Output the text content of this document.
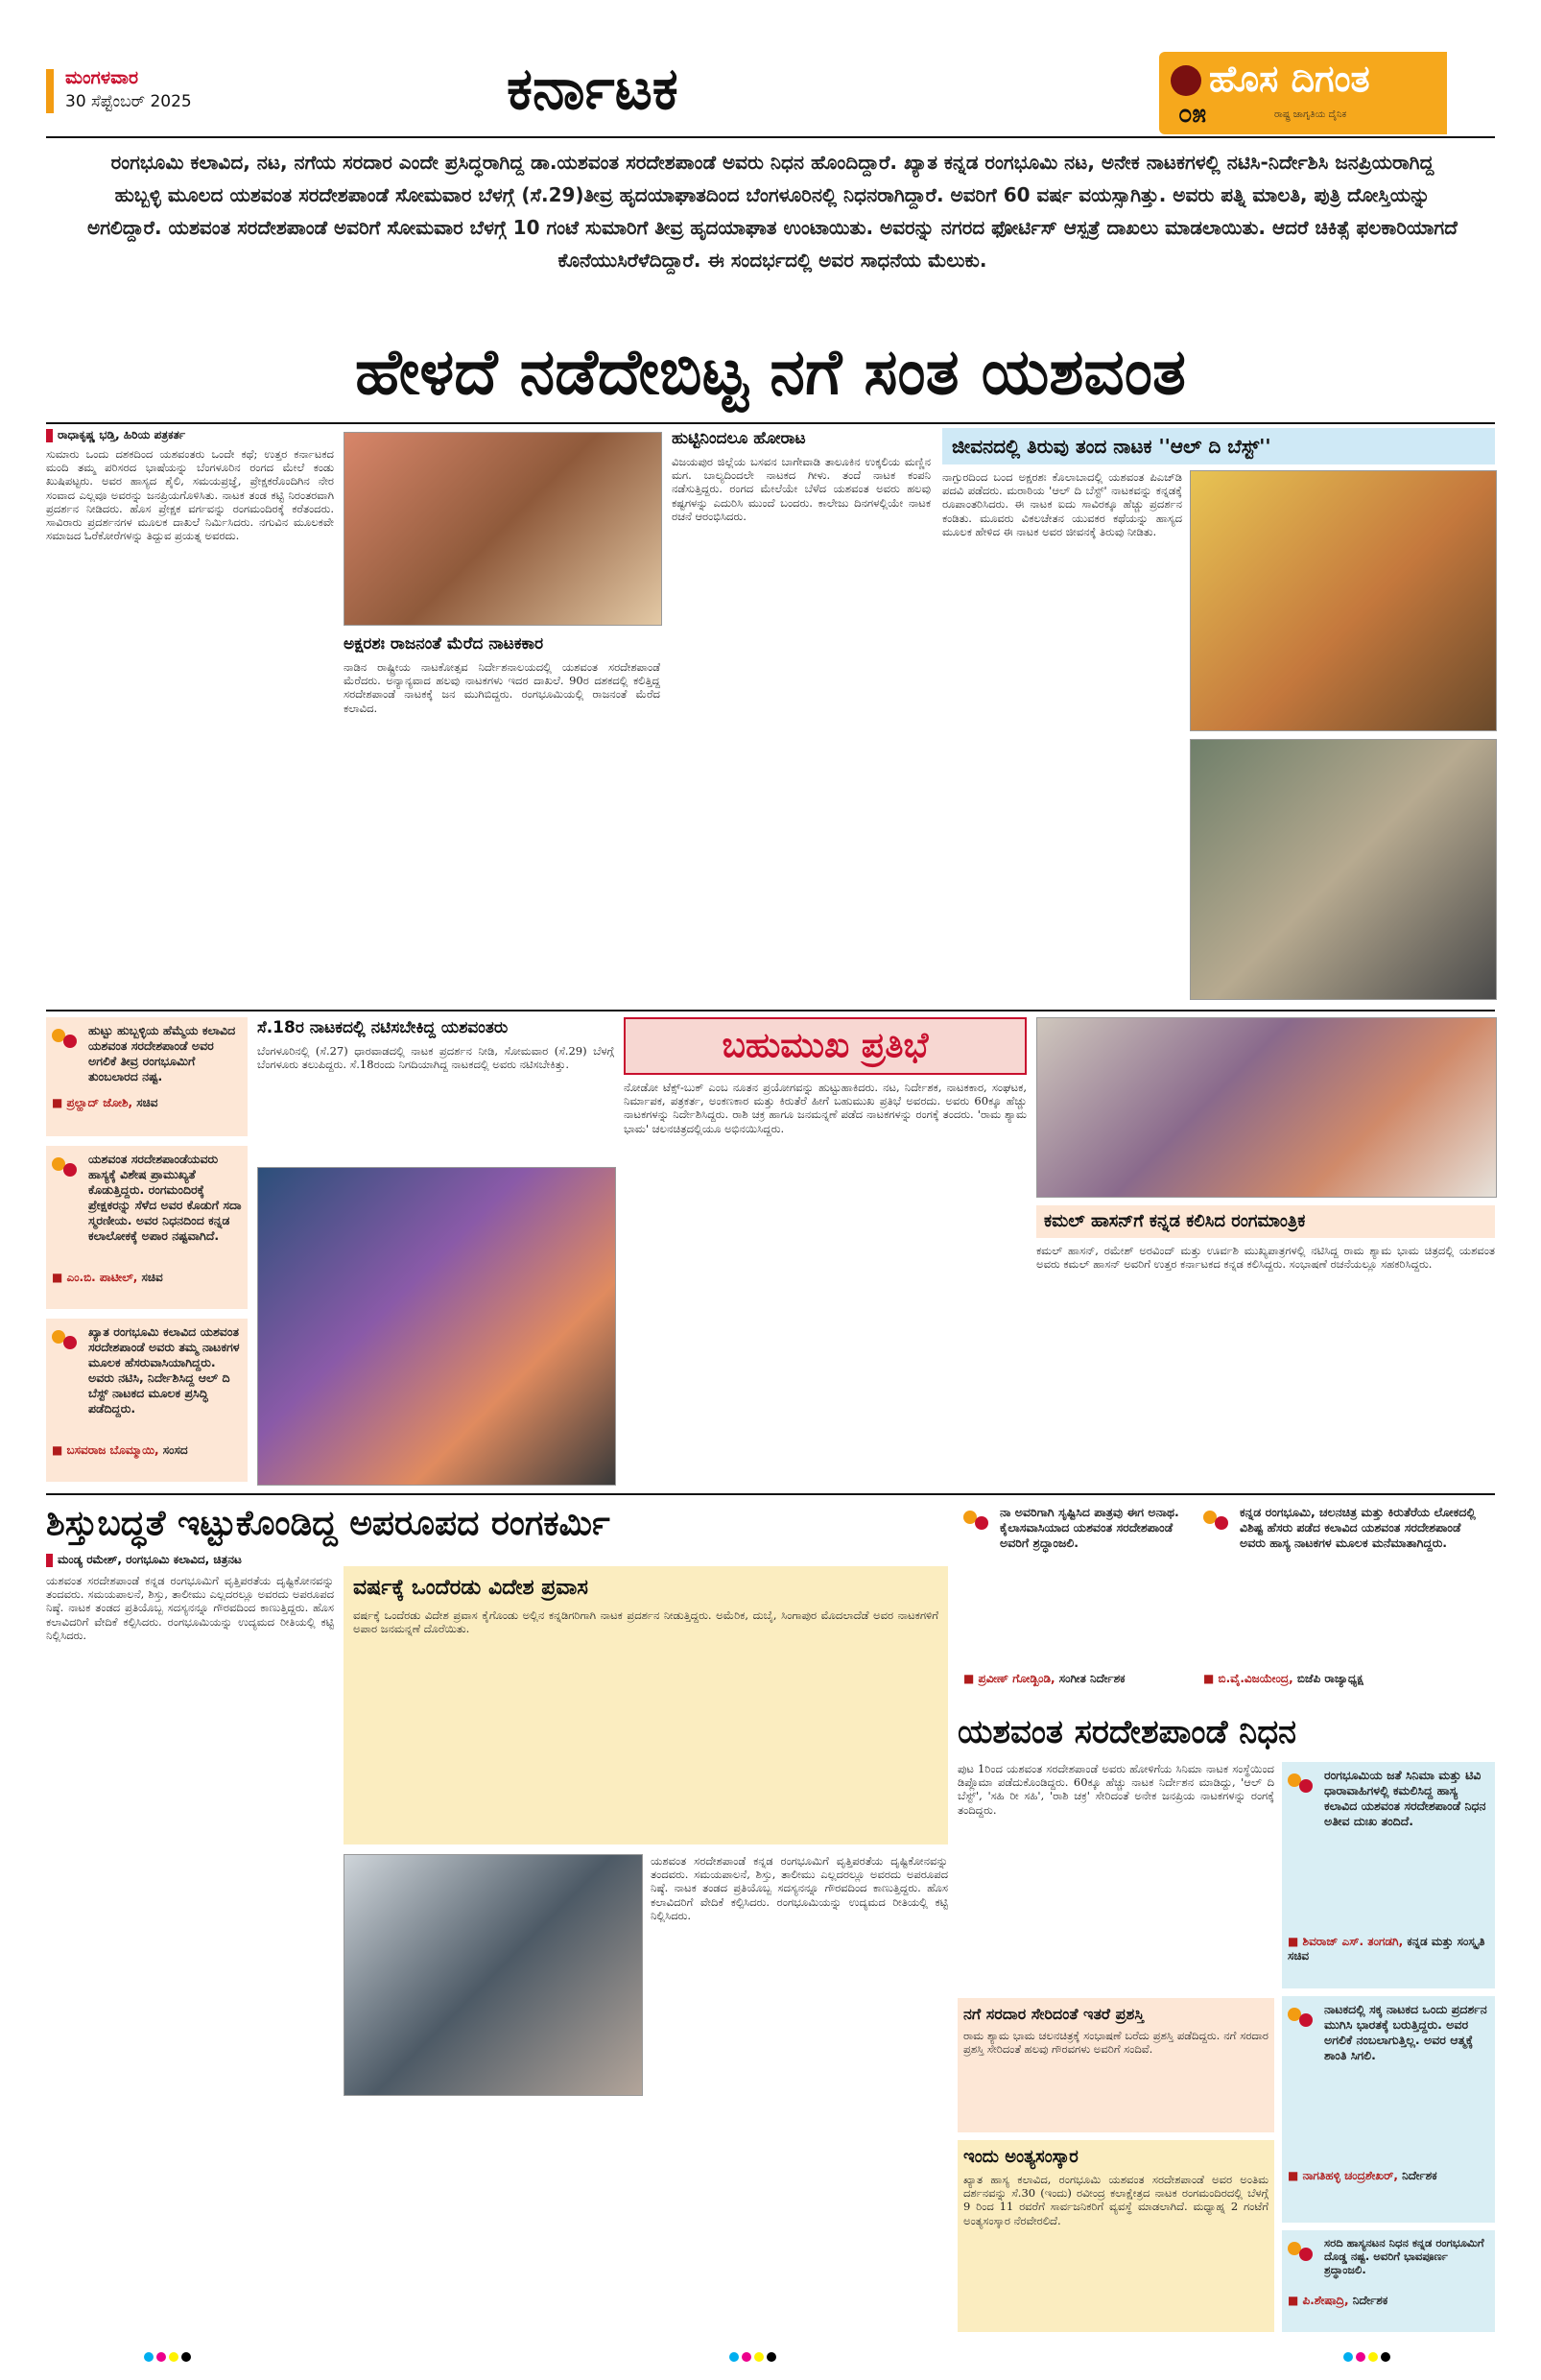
ಮಂಗಳವಾರ
30 ಸೆಪ್ಟೆಂಬರ್ 2025	ಕರ್ನಾಟಕ	ಹೊಸ ದಿಗಂತ
೦೫	ರಾಷ್ಟ್ರ ಜಾಗೃತಿಯ ದೈನಿಕ
ರಂಗಭೂಮಿ ಕಲಾವಿದ, ನಟ, ನಗೆಯ ಸರದಾರ ಎಂದೇ ಪ್ರಸಿದ್ಧರಾಗಿದ್ದ ಡಾ.ಯಶವಂತ ಸರದೇಶಪಾಂಡೆ ಅವರು ನಿಧನ ಹೊಂದಿದ್ದಾರೆ. ಖ್ಯಾತ ಕನ್ನಡ ರಂಗಭೂಮಿ ನಟ, ಅನೇಕ ನಾಟಕಗಳಲ್ಲಿ ನಟಿಸಿ-ನಿರ್ದೇಶಿಸಿ ಜನಪ್ರಿಯರಾಗಿದ್ದ ಹುಬ್ಬಳ್ಳಿ ಮೂಲದ ಯಶವಂತ ಸರದೇಶಪಾಂಡೆ ಸೋಮವಾರ ಬೆಳಗ್ಗೆ (ಸೆ.29)ತೀವ್ರ ಹೃದಯಾಘಾತದಿಂದ ಬೆಂಗಳೂರಿನಲ್ಲಿ ನಿಧನರಾಗಿದ್ದಾರೆ. ಅವರಿಗೆ 60 ವರ್ಷ ವಯಸ್ಸಾಗಿತ್ತು. ಅವರು ಪತ್ನಿ ಮಾಲತಿ, ಪುತ್ರಿ ದೋಸ್ತಿಯನ್ನು ಅಗಲಿದ್ದಾರೆ. ಯಶವಂತ ಸರದೇಶಪಾಂಡೆ ಅವರಿಗೆ ಸೋಮವಾರ ಬೆಳಗ್ಗೆ 10 ಗಂಟೆ ಸುಮಾರಿಗೆ ತೀವ್ರ ಹೃದಯಾಘಾತ ಉಂಟಾಯಿತು. ಅವರನ್ನು ನಗರದ ಫೋರ್ಟಿಸ್ ಆಸ್ಪತ್ರೆ ದಾಖಲು ಮಾಡಲಾಯಿತು. ಆದರೆ ಚಿಕಿತ್ಸೆ ಫಲಕಾರಿಯಾಗದೆ ಕೊನೆಯುಸಿರೆಳೆದಿದ್ದಾರೆ. ಈ ಸಂದರ್ಭದಲ್ಲಿ ಅವರ ಸಾಧನೆಯ ಮೆಲುಕು.
ಹೇಳದೆ ನಡೆದೇಬಿಟ್ಟ ನಗೆ ಸಂತ ಯಶವಂತ
ರಾಧಾಕೃಷ್ಣ ಭಡ್ತಿ, ಹಿರಿಯ ಪತ್ರಕರ್ತ
ಸುಮಾರು ಒಂದು ದಶಕದಿಂದ ಯಶವಂತರು ಒಂದೇ ಕಥೆ; ಉತ್ತರ ಕರ್ನಾಟಕದ ಮಂದಿ ತಮ್ಮ ಪರಿಸರದ ಭಾಷೆಯನ್ನು ಬೆಂಗಳೂರಿನ ರಂಗದ ಮೇಲೆ ಕಂಡು ಖುಷಿಪಟ್ಟರು. ಅವರ ಹಾಸ್ಯದ ಶೈಲಿ, ಸಮಯಪ್ರಜ್ಞೆ, ಪ್ರೇಕ್ಷಕರೊಂದಿಗಿನ ನೇರ ಸಂವಾದ ಎಲ್ಲವೂ ಅವರನ್ನು ಜನಪ್ರಿಯಗೊಳಿಸಿತು. ನಾಟಕ ತಂಡ ಕಟ್ಟಿ ನಿರಂತರವಾಗಿ ಪ್ರದರ್ಶನ ನೀಡಿದರು. ಹೊಸ ಪ್ರೇಕ್ಷಕ ವರ್ಗವನ್ನು ರಂಗಮಂದಿರಕ್ಕೆ ಕರೆತಂದರು. ಸಾವಿರಾರು ಪ್ರದರ್ಶನಗಳ ಮೂಲಕ ದಾಖಲೆ ನಿರ್ಮಿಸಿದರು. ನಗುವಿನ ಮೂಲಕವೇ ಸಮಾಜದ ಓರೆಕೋರೆಗಳನ್ನು ತಿದ್ದುವ ಪ್ರಯತ್ನ ಅವರದು.
ಅಕ್ಷರಶಃ ರಾಜನಂತೆ ಮೆರೆದ ನಾಟಕಕಾರ
ನಾಡಿನ ರಾಷ್ಟ್ರೀಯ ನಾಟಕೋತ್ಸವ ನಿರ್ದೇಶನಾಲಯದಲ್ಲಿ ಯಶವಂತ ಸರದೇಶಪಾಂಡೆ ಮೆರೆದರು. ಅನ್ಯಾನ್ಯವಾದ ಹಲವು ನಾಟಕಗಳು ಇದರ ದಾಖಲೆ. 90ರ ದಶಕದಲ್ಲಿ ಕಲಿತ್ತಿದ್ದ ಸರದೇಶಪಾಂಡೆ ನಾಟಕಕ್ಕೆ ಜನ ಮುಗಿಬಿದ್ದರು. ರಂಗಭೂಮಿಯಲ್ಲಿ ರಾಜನಂತೆ ಮೆರೆದ ಕಲಾವಿದ.
ಹುಟ್ಟಿನಿಂದಲೂ ಹೋರಾಟ
ವಿಜಯಪುರ ಜಿಲ್ಲೆಯ ಬಸವನ ಬಾಗೇವಾಡಿ ತಾಲೂಕಿನ ಉಕ್ಕಲಿಯ ಮಣ್ಣಿನ ಮಗ. ಬಾಲ್ಯದಿಂದಲೇ ನಾಟಕದ ಗೀಳು. ತಂದೆ ನಾಟಕ ಕಂಪನಿ ನಡೆಸುತ್ತಿದ್ದರು. ರಂಗದ ಮೇಲೆಯೇ ಬೆಳೆದ ಯಶವಂತ ಅವರು ಹಲವು ಕಷ್ಟಗಳನ್ನು ಎದುರಿಸಿ ಮುಂದೆ ಬಂದರು. ಕಾಲೇಜು ದಿನಗಳಲ್ಲಿಯೇ ನಾಟಕ ರಚನೆ ಆರಂಭಿಸಿದರು.
ಜೀವನದಲ್ಲಿ ತಿರುವು ತಂದ ನಾಟಕ ''ಆಲ್ ದಿ ಬೆಸ್ಟ್''
ನಾಗ್ಪುರದಿಂದ ಬಂದ ಅಕ್ಷರಶಃ ಕೊಲಾಬಾದಲ್ಲಿ ಯಶವಂತ ಪಿಎಚ್‌ಡಿ ಪದವಿ ಪಡೆದರು. ಮರಾಠಿಯ 'ಆಲ್ ದಿ ಬೆಸ್ಟ್' ನಾಟಕವನ್ನು ಕನ್ನಡಕ್ಕೆ ರೂಪಾಂತರಿಸಿದರು. ಈ ನಾಟಕ ಐದು ಸಾವಿರಕ್ಕೂ ಹೆಚ್ಚು ಪ್ರದರ್ಶನ ಕಂಡಿತು. ಮೂವರು ವಿಕಲಚೇತನ ಯುವಕರ ಕಥೆಯನ್ನು ಹಾಸ್ಯದ ಮೂಲಕ ಹೇಳಿದ ಈ ನಾಟಕ ಅವರ ಜೀವನಕ್ಕೆ ತಿರುವು ನೀಡಿತು.
ಹುಟ್ಟು ಹುಬ್ಬಳ್ಳಿಯ ಹೆಮ್ಮೆಯ ಕಲಾವಿದ ಯಶವಂತ ಸರದೇಶಪಾಂಡೆ ಅವರ ಅಗಲಿಕೆ ತೀವ್ರ ರಂಗಭೂಮಿಗೆ ತುಂಬಲಾರದ ನಷ್ಟ.
■ ಪ್ರಲ್ಹಾದ್ ಜೋಶಿ, ಸಚಿವ
ಯಶವಂತ ಸರದೇಶಪಾಂಡೆಯವರು ಹಾಸ್ಯಕ್ಕೆ ವಿಶೇಷ ಪ್ರಾಮುಖ್ಯತೆ ಕೊಡುತ್ತಿದ್ದರು. ರಂಗಮಂದಿರಕ್ಕೆ ಪ್ರೇಕ್ಷಕರನ್ನು ಸೆಳೆದ ಅವರ ಕೊಡುಗೆ ಸದಾ ಸ್ಮರಣೀಯ. ಅವರ ನಿಧನದಿಂದ ಕನ್ನಡ ಕಲಾಲೋಕಕ್ಕೆ ಅಪಾರ ನಷ್ಟವಾಗಿದೆ.
■ ಎಂ.ಬಿ. ಪಾಟೀಲ್, ಸಚಿವ
ಖ್ಯಾತ ರಂಗಭೂಮಿ ಕಲಾವಿದ ಯಶವಂತ ಸರದೇಶಪಾಂಡೆ ಅವರು ತಮ್ಮ ನಾಟಕಗಳ ಮೂಲಕ ಹೆಸರುವಾಸಿಯಾಗಿದ್ದರು. ಅವರು ನಟಿಸಿ, ನಿರ್ದೇಶಿಸಿದ್ದ ಆಲ್ ದಿ ಬೆಸ್ಟ್ ನಾಟಕದ ಮೂಲಕ ಪ್ರಸಿದ್ಧಿ ಪಡೆದಿದ್ದರು.
■ ಬಸವರಾಜ ಬೊಮ್ಮಾಯಿ, ಸಂಸದ
ಸೆ.18ರ ನಾಟಕದಲ್ಲಿ ನಟಿಸಬೇಕಿದ್ದ ಯಶವಂತರು
ಬೆಂಗಳೂರಿನಲ್ಲಿ (ಸೆ.27) ಧಾರವಾಡದಲ್ಲಿ ನಾಟಕ ಪ್ರದರ್ಶನ ನೀಡಿ, ಸೋಮವಾರ (ಸೆ.29) ಬೆಳಗ್ಗೆ ಬೆಂಗಳೂರು ತಲುಪಿದ್ದರು. ಸೆ.18ರಂದು ನಿಗದಿಯಾಗಿದ್ದ ನಾಟಕದಲ್ಲಿ ಅವರು ನಟಿಸಬೇಕಿತ್ತು.	ಬಹುಮುಖ ಪ್ರತಿಭೆ
ನೋಡೋ ಟೆಕ್ಸ್-ಬುಕ್ ಎಂಬ ನೂತನ ಪ್ರಯೋಗವನ್ನು ಹುಟ್ಟುಹಾಕಿದರು. ನಟ, ನಿರ್ದೇಶಕ, ನಾಟಕಕಾರ, ಸಂಘಟಕ, ನಿರ್ಮಾಪಕ, ಪತ್ರಕರ್ತ, ಅಂಕಣಕಾರ ಮತ್ತು ಕಿರುತೆರೆ ಹೀಗೆ ಬಹುಮುಖ ಪ್ರತಿಭೆ ಅವರದು. ಅವರು 60ಕ್ಕೂ ಹೆಚ್ಚು ನಾಟಕಗಳನ್ನು ನಿರ್ದೇಶಿಸಿದ್ದರು. ರಾಶಿ ಚಕ್ರ ಹಾಗೂ ಜನಮನ್ನಣೆ ಪಡೆದ ನಾಟಕಗಳನ್ನು ರಂಗಕ್ಕೆ ತಂದರು. 'ರಾಮ ಶ್ಯಾಮ ಭಾಮ' ಚಲನಚಿತ್ರದಲ್ಲಿಯೂ ಅಭಿನಯಿಸಿದ್ದರು.
ಕಮಲ್ ಹಾಸನ್‌ಗೆ ಕನ್ನಡ ಕಲಿಸಿದ ರಂಗಮಾಂತ್ರಿಕ
ಕಮಲ್ ಹಾಸನ್, ರಮೇಶ್ ಅರವಿಂದ್ ಮತ್ತು ಊರ್ವಶಿ ಮುಖ್ಯಪಾತ್ರಗಳಲ್ಲಿ ನಟಿಸಿದ್ದ ರಾಮ ಶ್ಯಾಮ ಭಾಮ ಚಿತ್ರದಲ್ಲಿ ಯಶವಂತ ಅವರು ಕಮಲ್ ಹಾಸನ್ ಅವರಿಗೆ ಉತ್ತರ ಕರ್ನಾಟಕದ ಕನ್ನಡ ಕಲಿಸಿದ್ದರು. ಸಂಭಾಷಣೆ ರಚನೆಯಲ್ಲೂ ಸಹಕರಿಸಿದ್ದರು.
ಶಿಸ್ತುಬದ್ಧತೆ ಇಟ್ಟುಕೊಂಡಿದ್ದ ಅಪರೂಪದ ರಂಗಕರ್ಮಿ
ಮಂಡ್ಯ ರಮೇಶ್, ರಂಗಭೂಮಿ ಕಲಾವಿದ, ಚಿತ್ರನಟ
ಯಶವಂತ ಸರದೇಶಪಾಂಡೆ ಕನ್ನಡ ರಂಗಭೂಮಿಗೆ ವೃತ್ತಿಪರತೆಯ ದೃಷ್ಟಿಕೋನವನ್ನು ತಂದವರು. ಸಮಯಪಾಲನೆ, ಶಿಸ್ತು, ತಾಲೀಮು ಎಲ್ಲದರಲ್ಲೂ ಅವರದು ಅಪರೂಪದ ನಿಷ್ಠೆ. ನಾಟಕ ತಂಡದ ಪ್ರತಿಯೊಬ್ಬ ಸದಸ್ಯನನ್ನೂ ಗೌರವದಿಂದ ಕಾಣುತ್ತಿದ್ದರು. ಹೊಸ ಕಲಾವಿದರಿಗೆ ವೇದಿಕೆ ಕಲ್ಪಿಸಿದರು. ರಂಗಭೂಮಿಯನ್ನು ಉದ್ಯಮದ ರೀತಿಯಲ್ಲಿ ಕಟ್ಟಿ ನಿಲ್ಲಿಸಿದರು.
ವರ್ಷಕ್ಕೆ ಒಂದೆರಡು ವಿದೇಶ ಪ್ರವಾಸ
ವರ್ಷಕ್ಕೆ ಒಂದೆರಡು ವಿದೇಶ ಪ್ರವಾಸ ಕೈಗೊಂಡು ಅಲ್ಲಿನ ಕನ್ನಡಿಗರಿಗಾಗಿ ನಾಟಕ ಪ್ರದರ್ಶನ ನೀಡುತ್ತಿದ್ದರು. ಅಮೆರಿಕ, ದುಬೈ, ಸಿಂಗಾಪುರ ಮೊದಲಾದೆಡೆ ಅವರ ನಾಟಕಗಳಿಗೆ ಅಪಾರ ಜನಮನ್ನಣೆ ದೊರೆಯಿತು.
ಯಶವಂತ ಸರದೇಶಪಾಂಡೆ ಕನ್ನಡ ರಂಗಭೂಮಿಗೆ ವೃತ್ತಿಪರತೆಯ ದೃಷ್ಟಿಕೋನವನ್ನು ತಂದವರು. ಸಮಯಪಾಲನೆ, ಶಿಸ್ತು, ತಾಲೀಮು ಎಲ್ಲದರಲ್ಲೂ ಅವರದು ಅಪರೂಪದ ನಿಷ್ಠೆ. ನಾಟಕ ತಂಡದ ಪ್ರತಿಯೊಬ್ಬ ಸದಸ್ಯನನ್ನೂ ಗೌರವದಿಂದ ಕಾಣುತ್ತಿದ್ದರು. ಹೊಸ ಕಲಾವಿದರಿಗೆ ವೇದಿಕೆ ಕಲ್ಪಿಸಿದರು. ರಂಗಭೂಮಿಯನ್ನು ಉದ್ಯಮದ ರೀತಿಯಲ್ಲಿ ಕಟ್ಟಿ ನಿಲ್ಲಿಸಿದರು.
ನಾ ಅವರಿಗಾಗಿ ಸೃಷ್ಟಿಸಿದ ಪಾತ್ರವು ಈಗ ಅನಾಥ. ಕೈಲಾಸವಾಸಿಯಾದ ಯಶವಂತ ಸರದೇಶಪಾಂಡೆ ಅವರಿಗೆ ಶ್ರದ್ಧಾಂಜಲಿ.
■ ಪ್ರವೀಣ್ ಗೋಡ್ಖಿಂಡಿ, ಸಂಗೀತ ನಿರ್ದೇಶಕ
ಕನ್ನಡ ರಂಗಭೂಮಿ, ಚಲನಚಿತ್ರ ಮತ್ತು ಕಿರುತೆರೆಯ ಲೋಕದಲ್ಲಿ ವಿಶಿಷ್ಟ ಹೆಸರು ಪಡೆದ ಕಲಾವಿದ ಯಶವಂತ ಸರದೇಶಪಾಂಡೆ ಅವರು ಹಾಸ್ಯ ನಾಟಕಗಳ ಮೂಲಕ ಮನೆಮಾತಾಗಿದ್ದರು.
■ ಬಿ.ವೈ.ವಿಜಯೇಂದ್ರ, ಬಿಜೆಪಿ ರಾಜ್ಯಾಧ್ಯಕ್ಷ
ಯಶವಂತ ಸರದೇಶಪಾಂಡೆ ನಿಧನ
ಪುಟ 1ರಿಂದ ಯಶವಂತ ಸರದೇಶಪಾಂಡೆ ಅವರು ಹೋಳಿಗೆಯ ಸಿನಿಮಾ ನಾಟಕ ಸಂಸ್ಥೆಯಿಂದ ಡಿಪ್ಲೊಮಾ ಪಡೆದುಕೊಂಡಿದ್ದರು. 60ಕ್ಕೂ ಹೆಚ್ಚು ನಾಟಕ ನಿರ್ದೇಶನ ಮಾಡಿದ್ದು, 'ಆಲ್ ದಿ ಬೆಸ್ಟ್', 'ಸಹಿ ರೀ ಸಹಿ', 'ರಾಶಿ ಚಕ್ರ' ಸೇರಿದಂತೆ ಅನೇಕ ಜನಪ್ರಿಯ ನಾಟಕಗಳನ್ನು ರಂಗಕ್ಕೆ ತಂದಿದ್ದರು.
ನಗೆ ಸರದಾರ ಸೇರಿದಂತೆ ಇತರೆ ಪ್ರಶಸ್ತಿ
ರಾಮ ಶ್ಯಾಮ ಭಾಮ ಚಲನಚಿತ್ರಕ್ಕೆ ಸಂಭಾಷಣೆ ಬರೆದು ಪ್ರಶಸ್ತಿ ಪಡೆದಿದ್ದರು. ನಗೆ ಸರದಾರ ಪ್ರಶಸ್ತಿ ಸೇರಿದಂತೆ ಹಲವು ಗೌರವಗಳು ಅವರಿಗೆ ಸಂದಿವೆ.
ಇಂದು ಅಂತ್ಯಸಂಸ್ಕಾರ
ಖ್ಯಾತ ಹಾಸ್ಯ ಕಲಾವಿದ, ರಂಗಭೂಮಿ ಯಶವಂತ ಸರದೇಶಪಾಂಡೆ ಅವರ ಅಂತಿಮ ದರ್ಶನವನ್ನು ಸೆ.30 (ಇಂದು) ರವೀಂದ್ರ ಕಲಾಕ್ಷೇತ್ರದ ನಾಟಕ ರಂಗಮಂದಿರದಲ್ಲಿ ಬೆಳಗ್ಗೆ 9 ರಿಂದ 11 ರವರೆಗೆ ಸಾರ್ವಜನಿಕರಿಗೆ ವ್ಯವಸ್ಥೆ ಮಾಡಲಾಗಿದೆ. ಮಧ್ಯಾಹ್ನ 2 ಗಂಟೆಗೆ ಅಂತ್ಯಸಂಸ್ಕಾರ ನೆರವೇರಲಿದೆ.
ರಂಗಭೂಮಿಯ ಜತೆ ಸಿನಿಮಾ ಮತ್ತು ಟಿವಿ ಧಾರಾವಾಹಿಗಳಲ್ಲಿ ಕಮಲಿಸಿದ್ದ ಹಾಸ್ಯ ಕಲಾವಿದ ಯಶವಂತ ಸರದೇಶಪಾಂಡೆ ನಿಧನ ಅತೀವ ದುಃಖ ತಂದಿದೆ.
■ ಶಿವರಾಜ್ ಎಸ್. ತಂಗಡಗಿ, ಕನ್ನಡ ಮತ್ತು ಸಂಸ್ಕೃತಿ ಸಚಿವ
ನಾಟಕದಲ್ಲಿ ಸಕ್ಕ ನಾಟಕದ ಒಂದು ಪ್ರದರ್ಶನ ಮುಗಿಸಿ ಭಾರತಕ್ಕೆ ಬರುತ್ತಿದ್ದರು. ಅವರ ಅಗಲಿಕೆ ನಂಬಲಾಗುತ್ತಿಲ್ಲ. ಅವರ ಆತ್ಮಕ್ಕೆ ಶಾಂತಿ ಸಿಗಲಿ.
■ ನಾಗತಿಹಳ್ಳಿ ಚಂದ್ರಶೇಖರ್, ನಿರ್ದೇಶಕ
ಸರದಿ ಹಾಸ್ಯನಟನ ನಿಧನ ಕನ್ನಡ ರಂಗಭೂಮಿಗೆ ದೊಡ್ಡ ನಷ್ಟ. ಅವರಿಗೆ ಭಾವಪೂರ್ಣ ಶ್ರದ್ಧಾಂಜಲಿ.
■ ಪಿ.ಶೇಷಾದ್ರಿ, ನಿರ್ದೇಶಕ
